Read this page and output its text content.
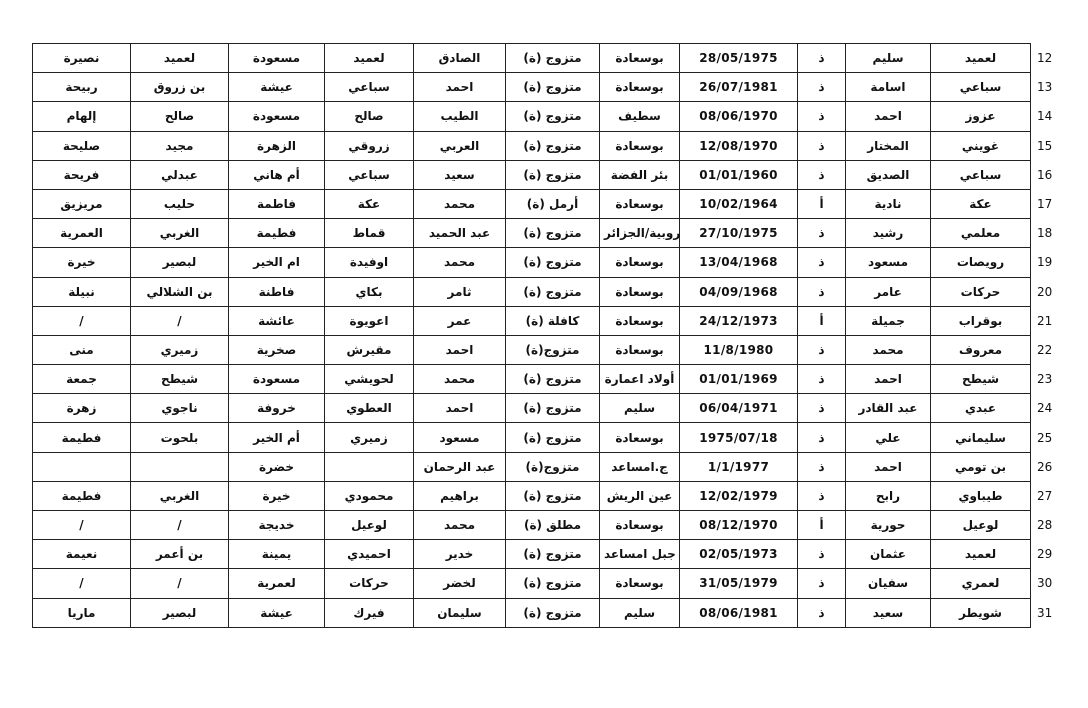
نصيرة	لعميد	مسعودة	لعميد	الصادق	متزوج (ة)	بوسعادة	28/05/1975	ذ	سليم	لعميد	12
ربيحة	بن زروق	عيشة	سباعي	احمد	متزوج (ة)	بوسعادة	26/07/1981	ذ	اسامة	سباعي	13
إلهام	صالح	مسعودة	صالح	الطيب	متزوج (ة)	سطيف	08/06/1970	ذ	احمد	عزوز	14
صليحة	مجيد	الزهرة	زروقي	العربي	متزوج (ة)	بوسعادة	12/08/1970	ذ	المختار	غويني	15
فريحة	عبدلي	أم هاني	سباعي	سعيد	متزوج (ة)	بئر الفضة	01/01/1960	ذ	الصديق	سباعي	16
مريزيق	حليب	فاطمة	عكة	محمد	أرمل (ة)	بوسعادة	10/02/1964	أ	نادية	عكة	17
العمرية	الغربي	فطيمة	قماط	عبد الحميد	متزوج (ة)	روبية/الجزائر	27/10/1975	ذ	رشيد	معلمي	18
خيرة	لبصير	ام الخير	اوفيدة	محمد	متزوج (ة)	بوسعادة	13/04/1968	ذ	مسعود	رويصات	19
نبيلة	بن الشلالي	فاطنة	بكاي	ثامر	متزوج (ة)	بوسعادة	04/09/1968	ذ	عامر	حركات	20
/	/	عائشة	اعويوة	عمر	كافلة (ة)	بوسعادة	24/12/1973	أ	جميلة	بوقراب	21
منى	زميري	صخرية	مقيرش	احمد	(ة)متزوج	بوسعادة	11/8/1980	ذ	محمد	معروف	22
جمعة	شيطح	مسعودة	لحويشي	محمد	متزوج (ة)	أولاد اعمارة	01/01/1969	ذ	احمد	شيطح	23
زهرة	ناجوي	خروفة	العطوي	احمد	متزوج (ة)	سليم	06/04/1971	ذ	عبد القادر	عبدي	24
فطيمة	بلحوت	أم الخير	زميري	مسعود	متزوج (ة)	بوسعادة	1975/07/18	ذ	علي	سليماني	25
		خضرة		عبد الرحمان	(ة)متزوج	ج.امساعد	1/1/1977	ذ	احمد	بن تومي	26
فطيمة	الغربي	خيرة	محمودي	براهيم	متزوج (ة)	عين الريش	12/02/1979	ذ	رابح	طيباوي	27
/	/	خديجة	لوعيل	محمد	مطلق (ة)	بوسعادة	08/12/1970	أ	حورية	لوعيل	28
نعيمة	بن أعمر	يمينة	احميدي	خدير	متزوج (ة)	جبل امساعد	02/05/1973	ذ	عثمان	لعميد	29
/	/	لعمرية	حركات	لخضر	متزوج (ة)	بوسعادة	31/05/1979	ذ	سفيان	لعمري	30
ماريا	لبصير	عيشة	فيرك	سليمان	متزوج (ة)	سليم	08/06/1981	ذ	سعيد	شويطر	31
